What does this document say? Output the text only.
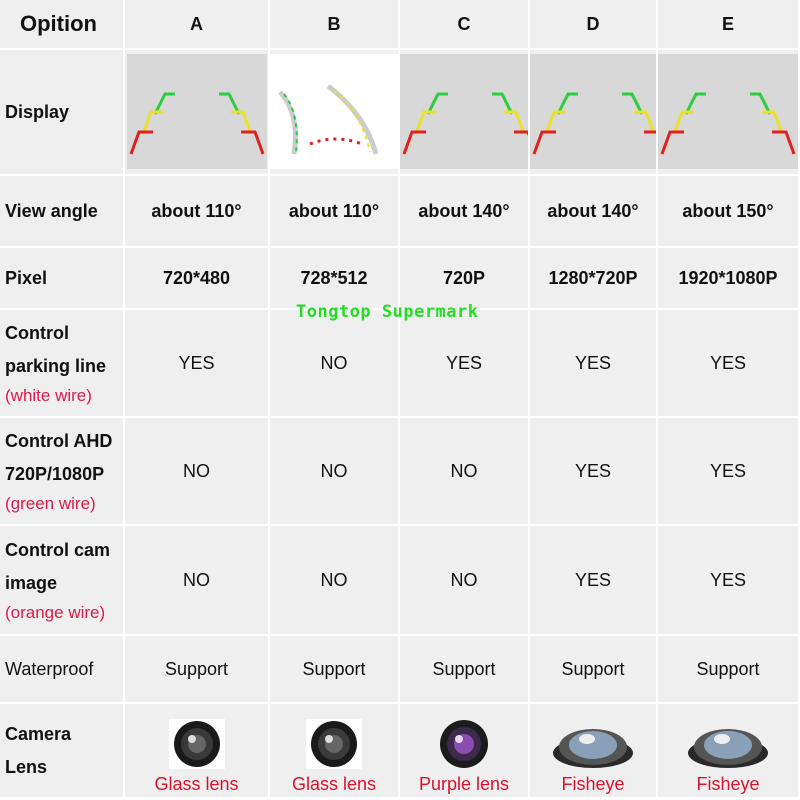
Opition	A	B	C	D	E
Display					
View angle	about 110°	about 110°	about 140°	about 140°	about 150°
Pixel	720*480	728*512	720P	1280*720P	1920*1080P

Control
parking line
(white wire)	YES	NO	YES	YES	YES

Control AHD
720P/1080P
(green wire)	NO	NO	NO	YES	YES

Control cam
image
(orange wire)	NO	NO	NO	YES	YES
Waterproof	Support	Support	Support	Support	Support

Camera
Lens	Glass lens	Glass lens	Purple lens	Fisheye	Fisheye
Tongtop Supermark
